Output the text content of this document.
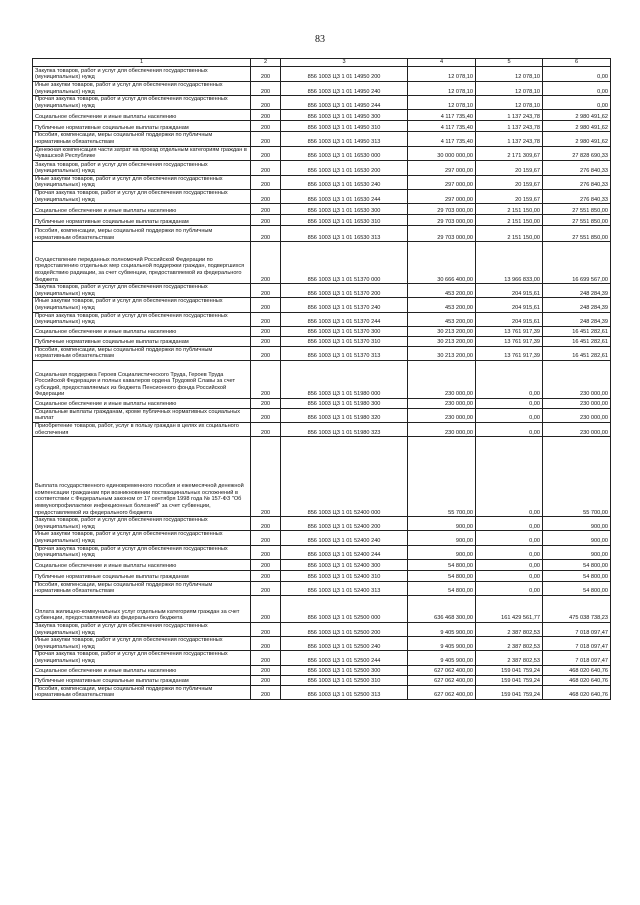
83
1	2	3	4	5	6
Закупка товаров, работ и услуг для обеспечения государственных (муниципальных) нужд	200	856 1003 ЦЗ 1 01 14950 200	12 078,10	12 078,10	0,00
Иные закупки товаров, работ и услуг для обеспечения государственных (муниципальных) нужд	200	856 1003 ЦЗ 1 01 14950 240	12 078,10	12 078,10	0,00
Прочая закупка товаров, работ и услуг для обеспечения государственных (муниципальных) нужд	200	856 1003 ЦЗ 1 01 14950 244	12 078,10	12 078,10	0,00
Социальное обеспечение и иные выплаты населению	200	856 1003 ЦЗ 1 01 14950 300	4 117 735,40	1 137 243,78	2 980 491,62
Публичные нормативные социальные выплаты гражданам	200	856 1003 ЦЗ 1 01 14950 310	4 117 735,40	1 137 243,78	2 980 491,62
Пособия, компенсации, меры социальной поддержки по публичным нормативным обязательствам	200	856 1003 ЦЗ 1 01 14950 313	4 117 735,40	1 137 243,78	2 980 491,62
Денежная компенсация части затрат на проезд отдельным категориям граждан в Чувашской Республике	200	856 1003 ЦЗ 1 01 16530 000	30 000 000,00	2 171 309,67	27 828 690,33
Закупка товаров, работ и услуг для обеспечения государственных (муниципальных) нужд	200	856 1003 ЦЗ 1 01 16530 200	297 000,00	20 159,67	276 840,33
Иные закупки товаров, работ и услуг для обеспечения государственных (муниципальных) нужд	200	856 1003 ЦЗ 1 01 16530 240	297 000,00	20 159,67	276 840,33
Прочая закупка товаров, работ и услуг для обеспечения государственных (муниципальных) нужд	200	856 1003 ЦЗ 1 01 16530 244	297 000,00	20 159,67	276 840,33
Социальное обеспечение и иные выплаты населению	200	856 1003 ЦЗ 1 01 16530 300	29 703 000,00	2 151 150,00	27 551 850,00
Публичные нормативные социальные выплаты гражданам	200	856 1003 ЦЗ 1 01 16530 310	29 703 000,00	2 151 150,00	27 551 850,00
Пособия, компенсации, меры социальной поддержки по публичным нормативным обязательствам	200	856 1003 ЦЗ 1 01 16530 313	29 703 000,00	2 151 150,00	27 551 850,00
Осуществление переданных полномочий Российской Федерации по предоставлению отдельных мер социальной поддержки граждан, подвергшихся воздействию радиации, за счет субвенции, предоставляемой из федерального бюджета	200	856 1003 ЦЗ 1 01 51370 000	30 666 400,00	13 966 833,00	16 699 567,00
Закупка товаров, работ и услуг для обеспечения государственных (муниципальных) нужд	200	856 1003 ЦЗ 1 01 51370 200	453 200,00	204 915,61	248 284,39
Иные закупки товаров, работ и услуг для обеспечения государственных (муниципальных) нужд	200	856 1003 ЦЗ 1 01 51370 240	453 200,00	204 915,61	248 284,39
Прочая закупка товаров, работ и услуг для обеспечения государственных (муниципальных) нужд	200	856 1003 ЦЗ 1 01 51370 244	453 200,00	204 915,61	248 284,39
Социальное обеспечение и иные выплаты населению	200	856 1003 ЦЗ 1 01 51370 300	30 213 200,00	13 761 917,39	16 451 282,61
Публичные нормативные социальные выплаты гражданам	200	856 1003 ЦЗ 1 01 51370 310	30 213 200,00	13 761 917,39	16 451 282,61
Пособия, компенсации, меры социальной поддержки по публичным нормативным обязательствам	200	856 1003 ЦЗ 1 01 51370 313	30 213 200,00	13 761 917,39	16 451 282,61
Социальная поддержка Героев Социалистического Труда, Героев Труда Российской Федерации и полных кавалеров ордена Трудовой Славы за счет субсидий, предоставляемых из бюджета Пенсионного фонда Российской Федерации	200	856 1003 ЦЗ 1 01 51980 000	230 000,00	0,00	230 000,00
Социальное обеспечение и иные выплаты населению	200	856 1003 ЦЗ 1 01 51980 300	230 000,00	0,00	230 000,00
Социальные выплаты гражданам, кроме публичных нормативных социальных выплат	200	856 1003 ЦЗ 1 01 51980 320	230 000,00	0,00	230 000,00
Приобретение товаров, работ, услуг в пользу граждан в целях их социального обеспечения	200	856 1003 ЦЗ 1 01 51980 323	230 000,00	0,00	230 000,00
Выплата государственного единовременного пособия и ежемесячной денежной компенсации гражданам при возникновении поствакцинальных осложнений в соответствии с Федеральным законом от 17 сентября 1998 года № 157-ФЗ "Об иммунопрофилактике инфекционных болезней" за счет субвенции, предоставляемой из федерального бюджета	200	856 1003 ЦЗ 1 01 52400 000	55 700,00	0,00	55 700,00
Закупка товаров, работ и услуг для обеспечения государственных (муниципальных) нужд	200	856 1003 ЦЗ 1 01 52400 200	900,00	0,00	900,00
Иные закупки товаров, работ и услуг для обеспечения государственных (муниципальных) нужд	200	856 1003 ЦЗ 1 01 52400 240	900,00	0,00	900,00
Прочая закупка товаров, работ и услуг для обеспечения государственных (муниципальных) нужд	200	856 1003 ЦЗ 1 01 52400 244	900,00	0,00	900,00
Социальное обеспечение и иные выплаты населению	200	856 1003 ЦЗ 1 01 52400 300	54 800,00	0,00	54 800,00
Публичные нормативные социальные выплаты гражданам	200	856 1003 ЦЗ 1 01 52400 310	54 800,00	0,00	54 800,00
Пособия, компенсации, меры социальной поддержки по публичным нормативным обязательствам	200	856 1003 ЦЗ 1 01 52400 313	54 800,00	0,00	54 800,00
Оплата жилищно-коммунальных услуг отдельным категориям граждан за счет субвенции, предоставляемой из федерального бюджета	200	856 1003 ЦЗ 1 01 52500 000	636 468 300,00	161 429 561,77	475 038 738,23
Закупка товаров, работ и услуг для обеспечения государственных (муниципальных) нужд	200	856 1003 ЦЗ 1 01 52500 200	9 405 900,00	2 387 802,53	7 018 097,47
Иные закупки товаров, работ и услуг для обеспечения государственных (муниципальных) нужд	200	856 1003 ЦЗ 1 01 52500 240	9 405 900,00	2 387 802,53	7 018 097,47
Прочая закупка товаров, работ и услуг для обеспечения государственных (муниципальных) нужд	200	856 1003 ЦЗ 1 01 52500 244	9 405 900,00	2 387 802,53	7 018 097,47
Социальное обеспечение и иные выплаты населению	200	856 1003 ЦЗ 1 01 52500 300	627 062 400,00	159 041 759,24	468 020 640,76
Публичные нормативные социальные выплаты гражданам	200	856 1003 ЦЗ 1 01 52500 310	627 062 400,00	159 041 759,24	468 020 640,76
Пособия, компенсации, меры социальной поддержки по публичным нормативным обязательствам	200	856 1003 ЦЗ 1 01 52500 313	627 062 400,00	159 041 759,24	468 020 640,76
